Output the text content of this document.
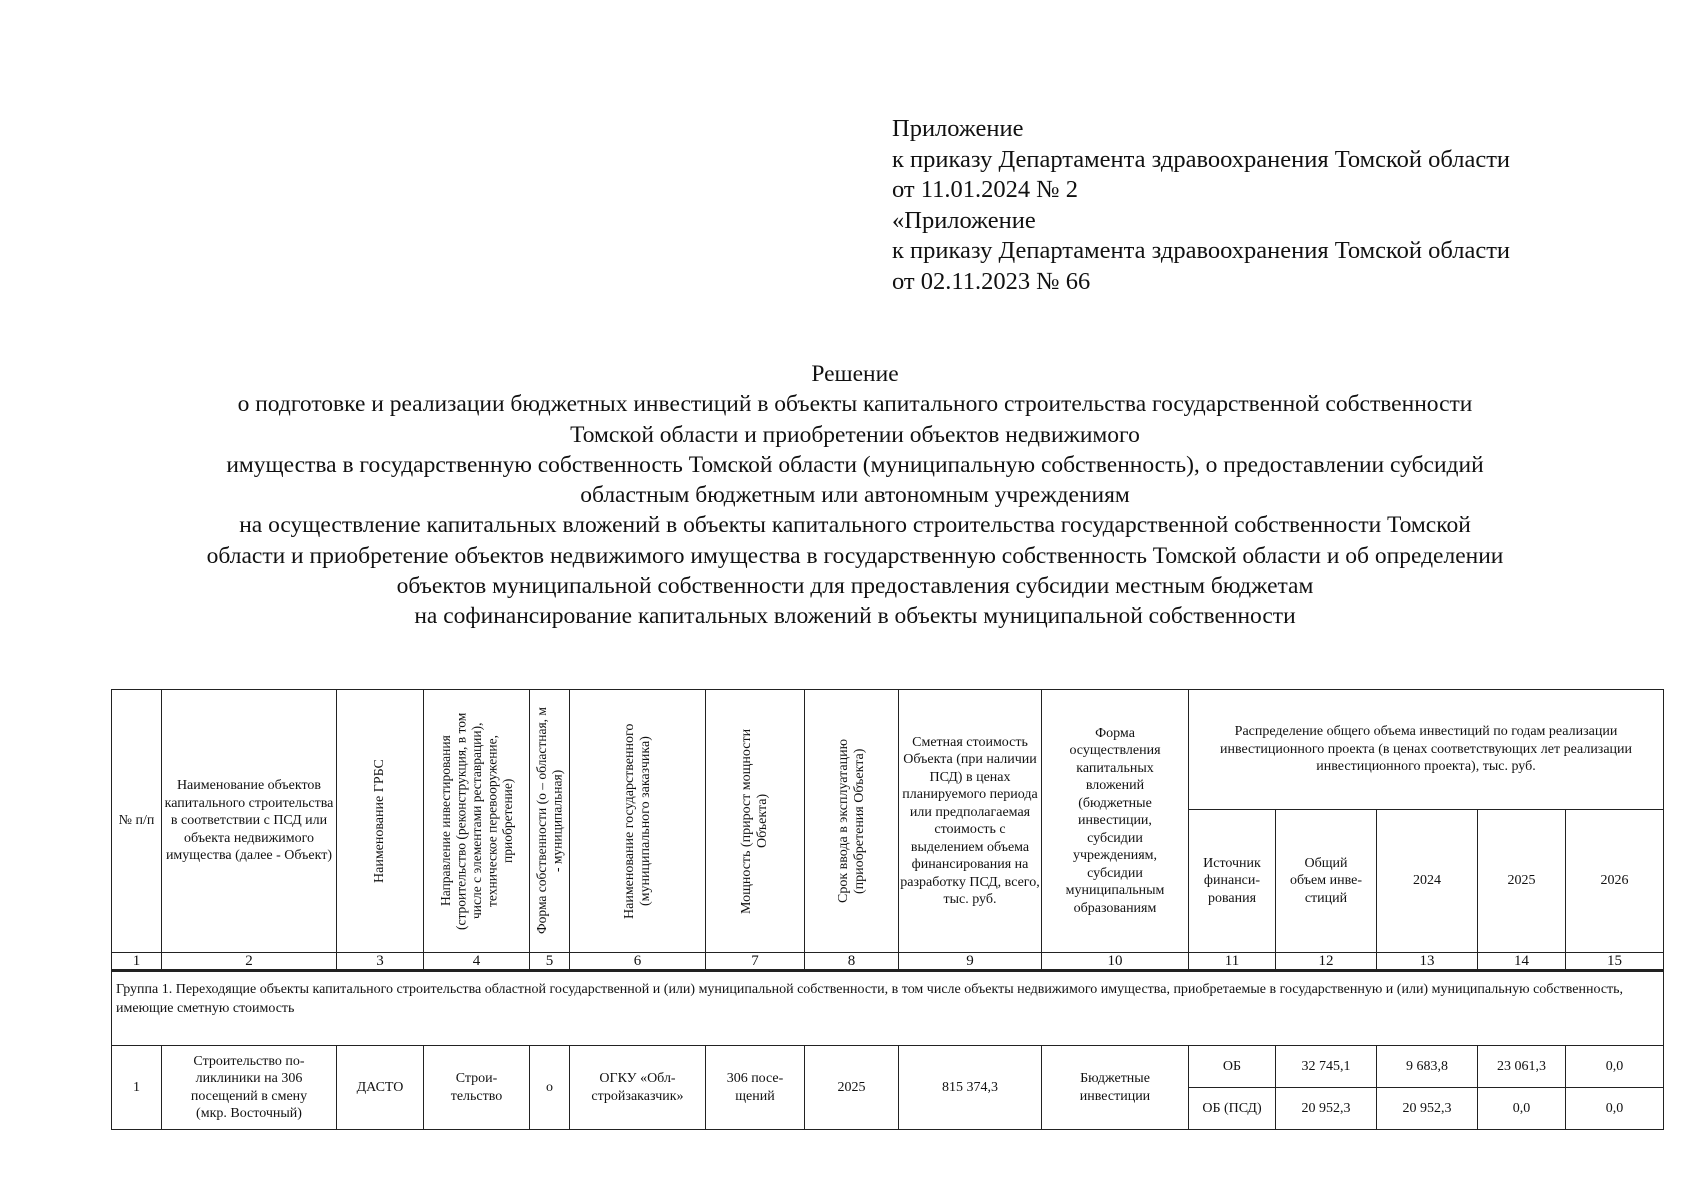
Приложение
к приказу Департамента здравоохранения Томской области
от 11.01.2024 № 2
«Приложение
к приказу Департамента здравоохранения Томской области
от 02.11.2023 № 66
Решение
о подготовке и реализации бюджетных инвестиций в объекты капитального строительства государственной собственности
Томской области и приобретении объектов недвижимого
имущества в государственную собственность Томской области (муниципальную собственность), о предоставлении субсидий
областным бюджетным или автономным учреждениям
на осуществление капитальных вложений в объекты капитального строительства государственной собственности Томской
области и приобретение объектов недвижимого имущества в государственную собственность Томской области и об определении
объектов муниципальной собственности для предоставления субсидии местным бюджетам
на софинансирование капитальных вложений в объекты муниципальной собственности
№ п/п	Наименование объектов капитального строительства в соответствии с ПСД или объекта недвижимого имущества (далее - Объект)	Наименование ГРБС	Направление инвестирования (строительство (реконструкция, в том числе с элементами реставрации), техническое перевооружение, приобретение)	Форма собственности (о – областная, м - муниципальная)	Наименование государственного (муниципального заказчика)	Мощность (прирост мощности Объекта)	Срок ввода в эксплуатацию (приобретения Объекта)	Сметная стоимость Объекта (при наличии ПСД) в ценах планируемого периода или предполагаемая стоимость с выделением объема финансирования на разработку ПСД, всего, тыс. руб.	Форма осуществления капитальных вложений (бюджетные инвестиции, субсидии учреждениям, субсидии муниципальным образованиям	Распределение общего объема инвестиций по годам реализации инвестиционного проекта (в ценах соответствующих лет реализации инвестиционного проекта), тыс. руб.				
										Источник финанси-рования	Общий объем инве-стиций	2024	2025	2026
1	2	3	4	5	6	7	8	9	10	11	12	13	14	15
Группа 1. Переходящие объекты капитального строительства областной государственной и (или) муниципальной собственности, в том числе объекты недвижимого имущества, приобретаемые в государственную и (или) муниципальную собственность, имеющие сметную стоимость														
1	Строительство по-ликлиники на 306 посещений в смену (мкр. Восточный)	ДАСТО	Строи-тельство	о	ОГКУ «Обл-стройзаказчик»	306 посе-щений	2025	815 374,3	Бюджетные инвестиции	ОБ	32 745,1	9 683,8	23 061,3	0,0
										ОБ (ПСД)	20 952,3	20 952,3	0,0	0,0
